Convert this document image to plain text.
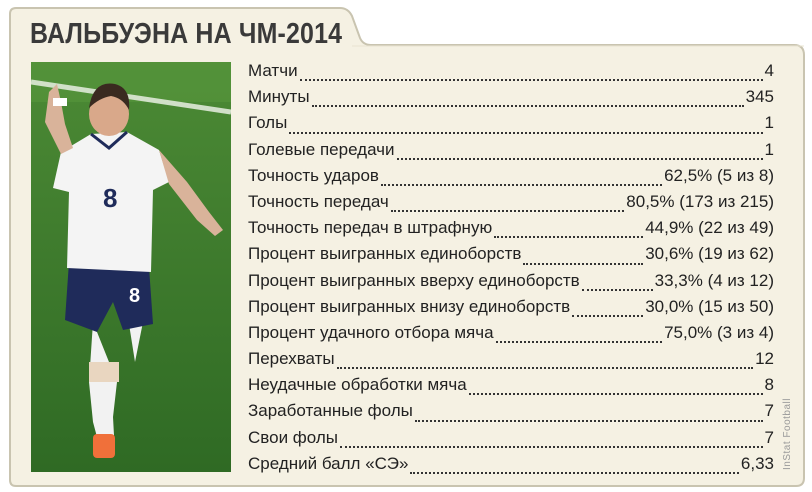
ВАЛЬБУЭНА НА ЧМ-2014
8
8
Матчи	4
Минуты	345
Голы	1
Голевые передачи	1
Точность ударов	62,5% (5 из 8)
Точность передач	80,5% (173 из 215)
Точность передач в штрафную	44,9% (22 из 49)
Процент выигранных единоборств	30,6% (19 из 62)
Процент выигранных вверху единоборств	33,3% (4 из 12)
Процент выигранных внизу единоборств	30,0% (15 из 50)
Процент удачного отбора мяча	75,0% (3 из 4)
Перехваты	12
Неудачные обработки мяча	8
Заработанные фолы	7
Свои фолы	7
Средний балл «СЭ»	6,33 InStat Football
